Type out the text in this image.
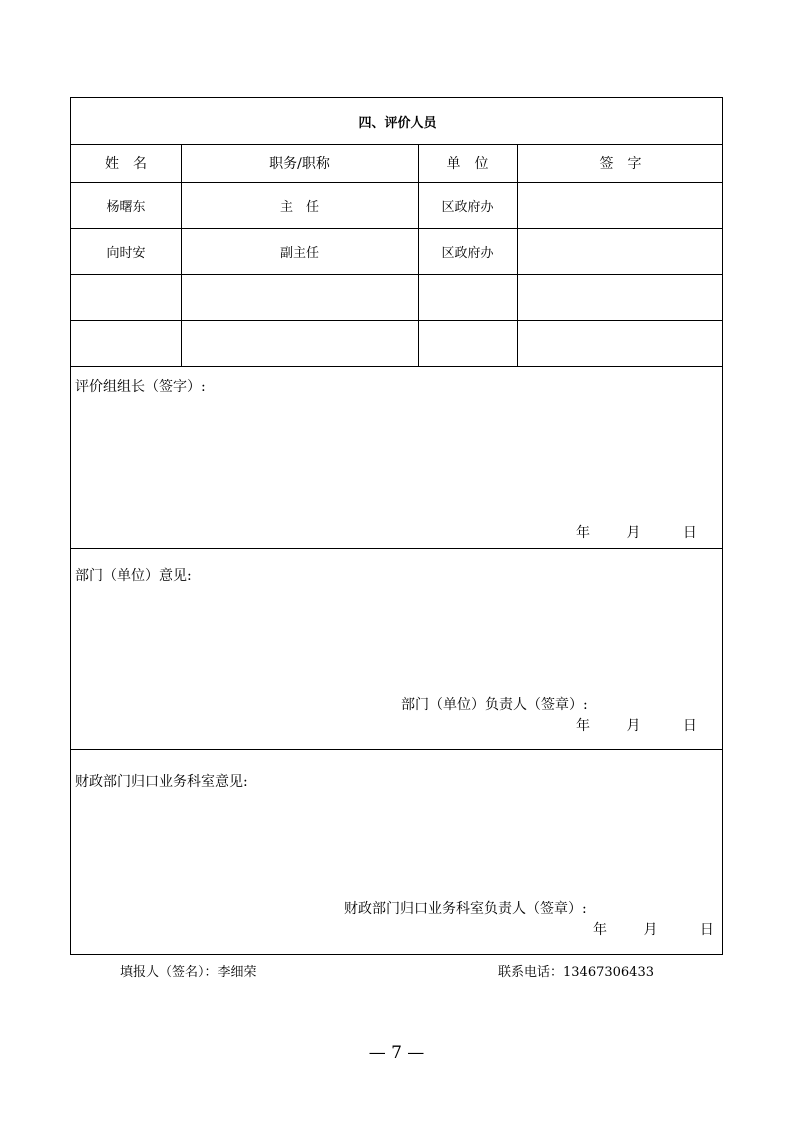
四、评价人员
姓　名	职务/职称	单　位	签　字
杨曙东	主　任	区政府办
向时安	副主任	区政府办
评价组组长（签字）:
年	月	日
部门（单位）意见:
部门（单位）负责人（签章）:
年	月	日
财政部门归口业务科室意见:
财政部门归口业务科室负责人（签章）:
年	月	日
填报人（签名）：李细荣	联系电话：13467306433
— 7 —
